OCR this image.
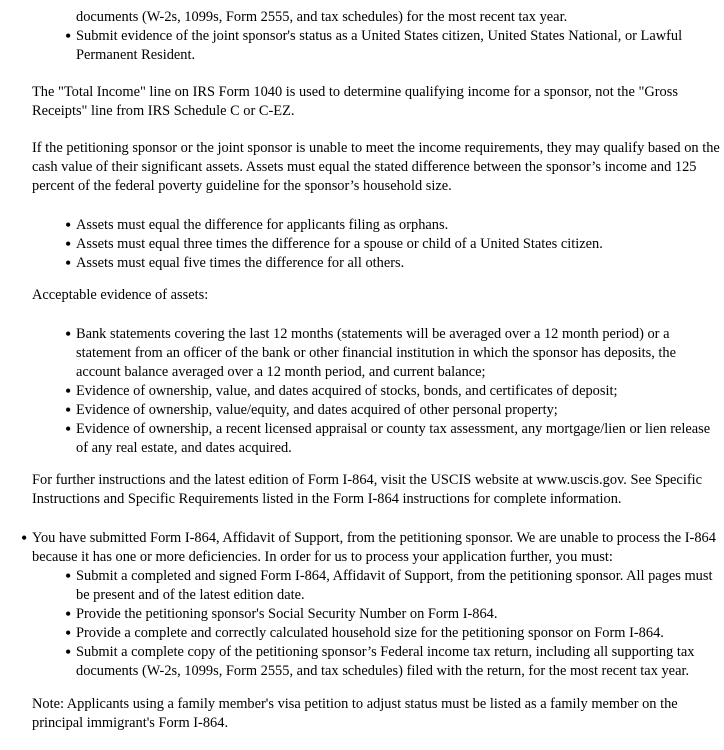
documents (W-2s, 1099s, Form 2555, and tax schedules) for the most recent tax year.

• Submit evidence of the joint sponsor's status as a United States citizen, United States National, or Lawful Permanent Resident.

The "Total Income" line on IRS Form 1040 is used to determine qualifying income for a sponsor, not the "Gross Receipts" line from IRS Schedule C or C-EZ.

If the petitioning sponsor or the joint sponsor is unable to meet the income requirements, they may qualify based on the cash value of their significant assets. Assets must equal the stated difference between the sponsor’s income and 125 percent of the federal poverty guideline for the sponsor’s household size.

• Assets must equal the difference for applicants filing as orphans.
• Assets must equal three times the difference for a spouse or child of a United States citizen.
• Assets must equal five times the difference for all others.

Acceptable evidence of assets:

• Bank statements covering the last 12 months (statements will be averaged over a 12 month period) or a statement from an officer of the bank or other financial institution in which the sponsor has deposits, the account balance averaged over a 12 month period, and current balance;
• Evidence of ownership, value, and dates acquired of stocks, bonds, and certificates of deposit;
• Evidence of ownership, value/equity, and dates acquired of other personal property;
• Evidence of ownership, a recent licensed appraisal or county tax assessment, any mortgage/lien or lien release of any real estate, and dates acquired.

For further instructions and the latest edition of Form I-864, visit the USCIS website at www.uscis.gov. See Specific Instructions and Specific Requirements listed in the Form I-864 instructions for complete information.

• You have submitted Form I-864, Affidavit of Support, from the petitioning sponsor. We are unable to process the I-864 because it has one or more deficiencies. In order for us to process your application further, you must:
• Submit a completed and signed Form I-864, Affidavit of Support, from the petitioning sponsor. All pages must be present and of the latest edition date.
• Provide the petitioning sponsor's Social Security Number on Form I-864.
• Provide a complete and correctly calculated household size for the petitioning sponsor on Form I-864.
• Submit a complete copy of the petitioning sponsor’s Federal income tax return, including all supporting tax documents (W-2s, 1099s, Form 2555, and tax schedules) filed with the return, for the most recent tax year.

Note: Applicants using a family member's visa petition to adjust status must be listed as a family member on the principal immigrant's Form I-864.
